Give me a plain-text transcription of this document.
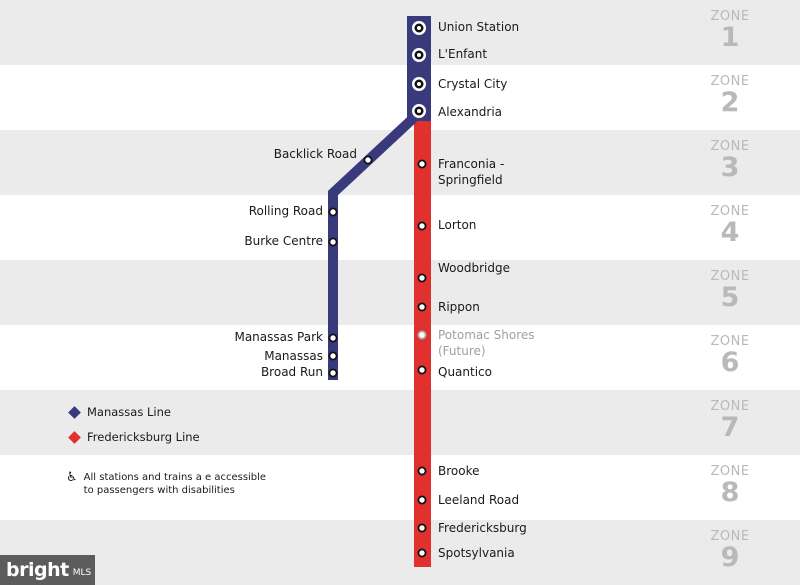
ZONE
1
ZONE
2
ZONE
3
ZONE
4
ZONE
5
ZONE
6
ZONE
7
ZONE
8
ZONE
9
Union Station
L'Enfant
Crystal City
Alexandria
Franconia -
Springfield
Lorton
Woodbridge
Rippon
Potomac Shores
(Future)
Quantico
Brooke
Leeland Road
Fredericksburg
Spotsylvania
Backlick Road
Rolling Road
Burke Centre
Manassas Park
Manassas
Broad Run
Manassas Line
Fredericksburg Line
♿ All stations and trains a e accessible
to passengers with disabilities
bright MLS
